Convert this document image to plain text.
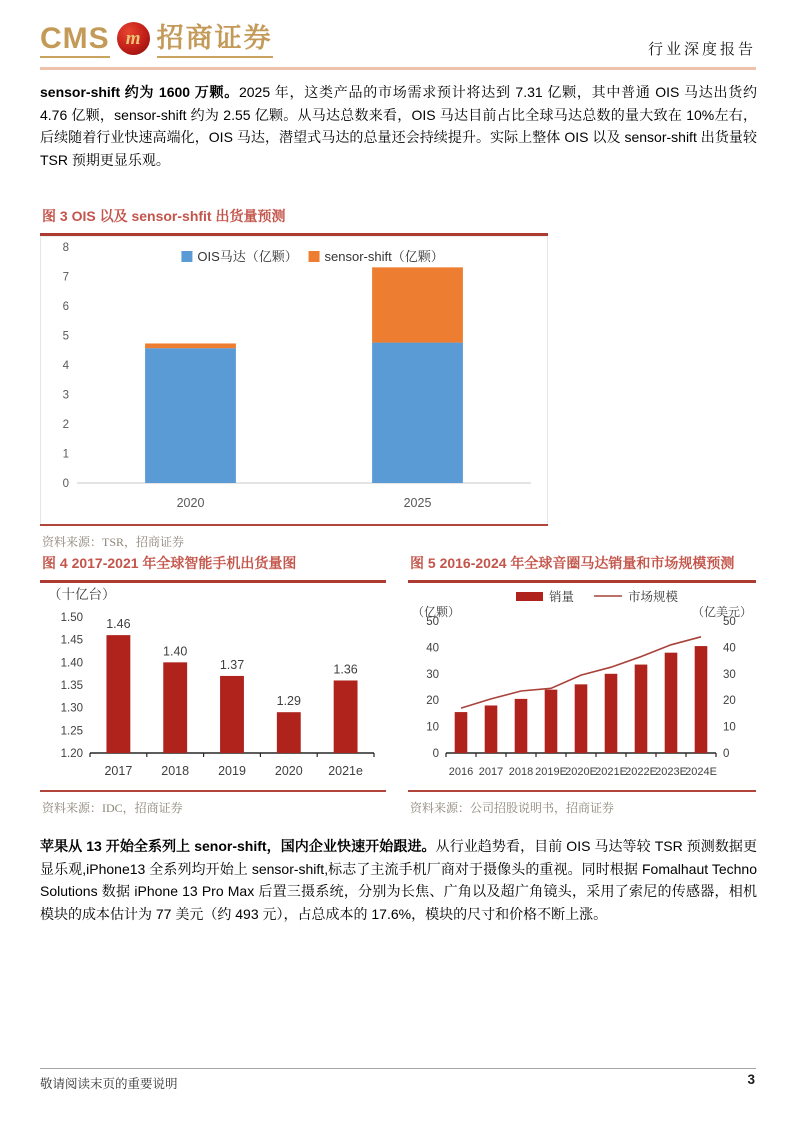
CMS m 招商证券	行业深度报告

sensor-shift 约为 1600 万颗。2025 年，这类产品的市场需求预计将达到 7.31 亿颗，其中普通 OIS 马达出货约 4.76 亿颗，sensor-shift 约为 2.55 亿颗。从马达总数来看，OIS 马达目前占比全球马达总数的量大致在 10%左右，后续随着行业快速高端化，OIS 马达，潜望式马达的总量还会持续提升。实际上整体 OIS 以及 sensor-shift 出货量较 TSR 预期更显乐观。

图 3 OIS 以及 sensor-shfit 出货量预测
0
1
2
3
4
5
6
7
8
2020	2025
OIS马达（亿颗） sensor-shift（亿颗）
资料来源：TSR，招商证券
图 4 2017-2021 年全球智能手机出货量图
（十亿台）
1.20
1.25
1.30
1.35
1.40
1.45
1.50 1.46
2017
1.40
2018
1.37
2019
1.29
2020
1.36
2021e
资料来源：IDC，招商证券
图 5 2016-2024 年全球音圈马达销量和市场规模预测
销量	市场规模
（亿颗）	（亿美元）
0	0
10	10
20	20
30	30
40	40
50	50
2016 2017 2018 2019E
2020E
2021E
2022E
2023E
2024E
资料来源：公司招股说明书，招商证券

苹果从 13 开始全系列上 senor-shift，国内企业快速开始跟进。从行业趋势看，目前 OIS 马达等较 TSR 预测数据更显乐观,iPhone13 全系列均开始上 sensor-shift,标志了主流手机厂商对于摄像头的重视。同时根据 Fomalhaut Techno Solutions 数据 iPhone 13 Pro Max 后置三摄系统，分别为长焦、广角以及超广角镜头，采用了索尼的传感器，相机模块的成本估计为 77 美元（约 493 元），占总成本的 17.6%，模块的尺寸和价格不断上涨。

敬请阅读末页的重要说明	3
